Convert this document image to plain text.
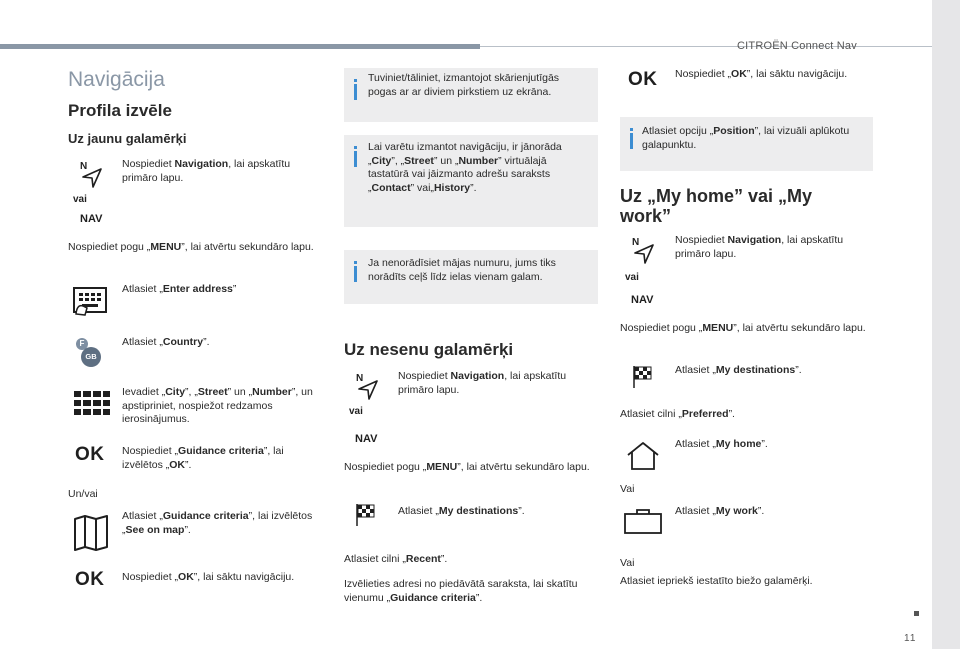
CITROËN Connect Nav
11
Navigācija
Profila izvēle
Uz jaunu galamērķi
N
vai
NAV
Nospiediet Navigation, lai apskatītu primāro lapu.
Nospiediet pogu „MENU”, lai atvērtu sekundāro lapu.
Atlasiet „Enter address”
F
GB
Atlasiet „Country”.
Ievadiet „City”, „Street” un „Number”, un apstipriniet, nospiežot redzamos ierosinājumus.
OK Nospiediet „Guidance criteria”, lai izvēlētos „OK”.
Un/vai
Atlasiet „Guidance criteria”, lai izvēlētos „See on map”.
OK Nospiediet „OK”, lai sāktu navigāciju.
Tuviniet/tāliniet, izmantojot skārienjutīgās pogas ar ar diviem pirkstiem uz ekrāna.
Lai varētu izmantot navigāciju, ir jānorāda „City”, „Street” un „Number” virtuālajā tastatūrā vai jāizmanto adrešu saraksts „Contact” vai„History”.
Ja nenorādīsiet mājas numuru, jums tiks norādīts ceļš līdz ielas vienam galam.
Uz nesenu galamērķi
N
vai
NAV
Nospiediet Navigation, lai apskatītu primāro lapu.
Nospiediet pogu „MENU”, lai atvērtu sekundāro lapu.
Atlasiet „My destinations”.
Atlasiet cilni „Recent”.
Izvēlieties adresi no piedāvātā saraksta, lai skatītu vienumu „Guidance criteria”.
OK Nospiediet „OK”, lai sāktu navigāciju.
Atlasiet opciju „Position”, lai vizuāli aplūkotu galapunktu.
Uz „My home” vai „My
work”
N
vai
NAV
Nospiediet Navigation, lai apskatītu primāro lapu.
Nospiediet pogu „MENU”, lai atvērtu sekundāro lapu.
Atlasiet „My destinations”.
Atlasiet cilni „Preferred”.
Atlasiet „My home”.
Vai
Atlasiet „My work”.
Vai
Atlasiet iepriekš iestatīto biežo galamērķi.
